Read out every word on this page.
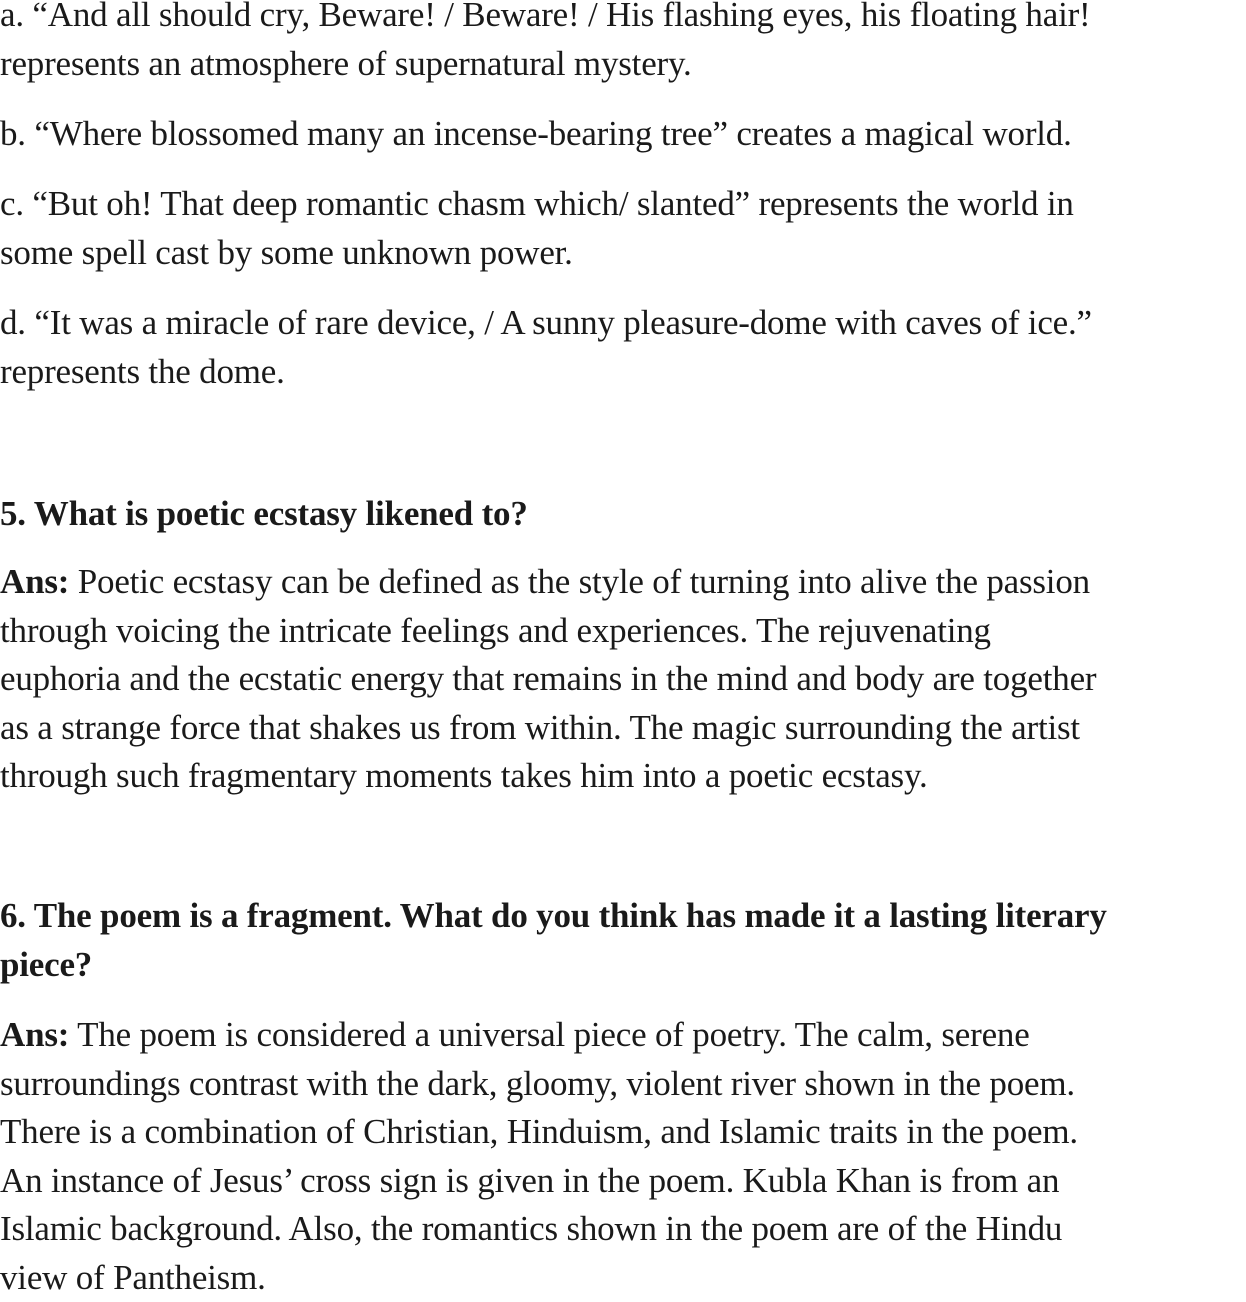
a. “And all should cry, Beware! / Beware! / His flashing eyes, his floating hair!
represents an atmosphere of supernatural mystery.

b. “Where blossomed many an incense-bearing tree” creates a magical world.

c. “But oh! That deep romantic chasm which/ slanted” represents the world in
some spell cast by some unknown power.

d. “It was a miracle of rare device, / A sunny pleasure-dome with caves of ice.”
represents the dome.

5. What is poetic ecstasy likened to?

Ans: Poetic ecstasy can be defined as the style of turning into alive the passion
through voicing the intricate feelings and experiences. The rejuvenating
euphoria and the ecstatic energy that remains in the mind and body are together
as a strange force that shakes us from within. The magic surrounding the artist
through such fragmentary moments takes him into a poetic ecstasy.

6. The poem is a fragment. What do you think has made it a lasting literary
piece?

Ans: The poem is considered a universal piece of poetry. The calm, serene
surroundings contrast with the dark, gloomy, violent river shown in the poem.
There is a combination of Christian, Hinduism, and Islamic traits in the poem.
An instance of Jesus’ cross sign is given in the poem. Kubla Khan is from an
Islamic background. Also, the romantics shown in the poem are of the Hindu
view of Pantheism.
